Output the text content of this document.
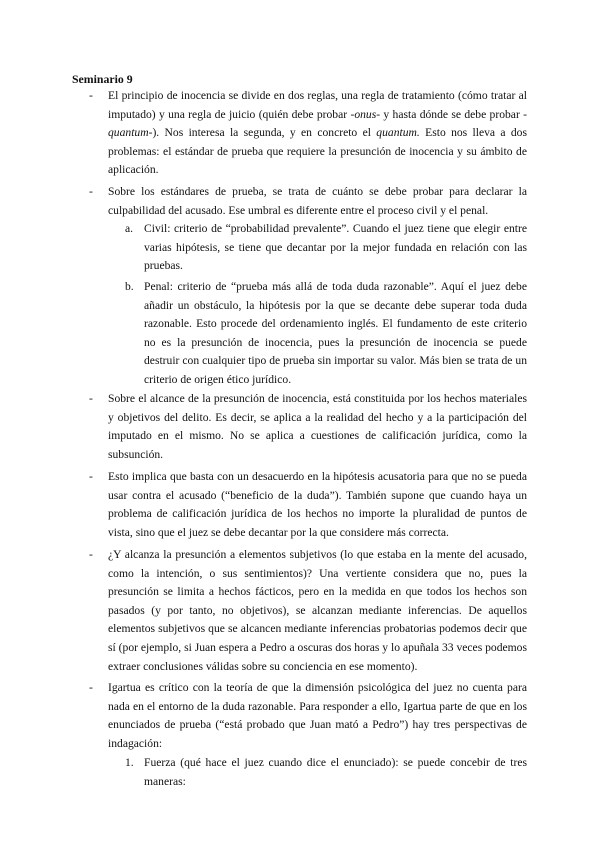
Seminario 9
- El principio de inocencia se divide en dos reglas, una regla de tratamiento (cómo tratar al imputado) y una regla de juicio (quién debe probar -onus- y hasta dónde se debe probar -quantum-). Nos interesa la segunda, y en concreto el quantum. Esto nos lleva a dos problemas: el estándar de prueba que requiere la presunción de inocencia y su ámbito de aplicación.
- Sobre los estándares de prueba, se trata de cuánto se debe probar para declarar la culpabilidad del acusado. Ese umbral es diferente entre el proceso civil y el penal.
a. Civil: criterio de “probabilidad prevalente”. Cuando el juez tiene que elegir entre varias hipótesis, se tiene que decantar por la mejor fundada en relación con las pruebas.
b. Penal: criterio de “prueba más allá de toda duda razonable”. Aquí el juez debe añadir un obstáculo, la hipótesis por la que se decante debe superar toda duda razonable. Esto procede del ordenamiento inglés. El fundamento de este criterio no es la presunción de inocencia, pues la presunción de inocencia se puede destruir con cualquier tipo de prueba sin importar su valor. Más bien se trata de un criterio de origen ético jurídico.
- Sobre el alcance de la presunción de inocencia, está constituida por los hechos materiales y objetivos del delito. Es decir, se aplica a la realidad del hecho y a la participación del imputado en el mismo. No se aplica a cuestiones de calificación jurídica, como la subsunción.
- Esto implica que basta con un desacuerdo en la hipótesis acusatoria para que no se pueda usar contra el acusado (“beneficio de la duda”). También supone que cuando haya un problema de calificación jurídica de los hechos no importe la pluralidad de puntos de vista, sino que el juez se debe decantar por la que considere más correcta.
- ¿Y alcanza la presunción a elementos subjetivos (lo que estaba en la mente del acusado, como la intención, o sus sentimientos)? Una vertiente considera que no, pues la presunción se limita a hechos fácticos, pero en la medida en que todos los hechos son pasados (y por tanto, no objetivos), se alcanzan mediante inferencias. De aquellos elementos subjetivos que se alcancen mediante inferencias probatorias podemos decir que sí (por ejemplo, si Juan espera a Pedro a oscuras dos horas y lo apuñala 33 veces podemos extraer conclusiones válidas sobre su conciencia en ese momento).
- Igartua es crítico con la teoría de que la dimensión psicológica del juez no cuenta para nada en el entorno de la duda razonable. Para responder a ello, Igartua parte de que en los enunciados de prueba (“está probado que Juan mató a Pedro”) hay tres perspectivas de indagación:
1. Fuerza (qué hace el juez cuando dice el enunciado): se puede concebir de tres maneras:
